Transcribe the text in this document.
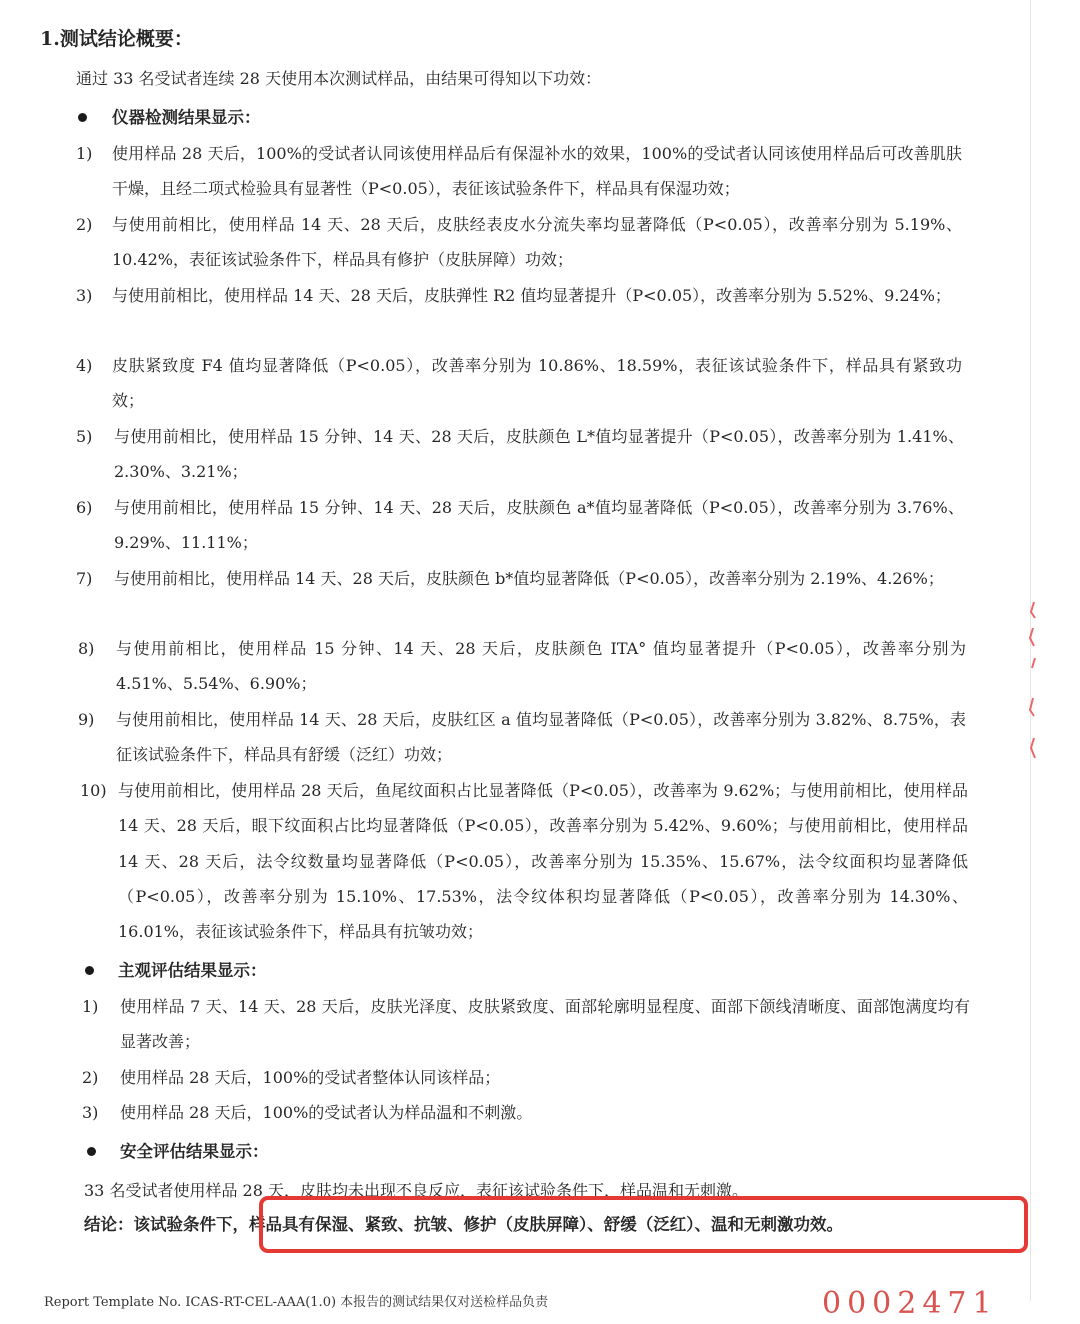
1.测试结论概要：
通过 33 名受试者连续 28 天使用本次测试样品，由结果可得知以下功效：
仪器检测结果显示：
1) 使用样品 28 天后，100%的受试者认同该使用样品后有保湿补水的效果，100%的受试者认同该使用样品后可改善肌肤干燥，且经二项式检验具有显著性（P<0.05），表征该试验条件下，样品具有保湿功效；
2) 与使用前相比，使用样品 14 天、28 天后，皮肤经表皮水分流失率均显著降低（P<0.05），改善率分别为 5.19%、10.42%，表征该试验条件下，样品具有修护（皮肤屏障）功效；
3) 与使用前相比，使用样品 14 天、28 天后，皮肤弹性 R2 值均显著提升（P<0.05），改善率分别为 5.52%、9.24%；
4) 皮肤紧致度 F4 值均显著降低（P<0.05），改善率分别为 10.86%、18.59%，表征该试验条件下，样品具有紧致功效；
5) 与使用前相比，使用样品 15 分钟、14 天、28 天后，皮肤颜色 L*值均显著提升（P<0.05），改善率分别为 1.41%、2.30%、3.21%；
6) 与使用前相比，使用样品 15 分钟、14 天、28 天后，皮肤颜色 a*值均显著降低（P<0.05），改善率分别为 3.76%、9.29%、11.11%；
7) 与使用前相比，使用样品 14 天、28 天后，皮肤颜色 b*值均显著降低（P<0.05），改善率分别为 2.19%、4.26%；
8) 与使用前相比，使用样品 15 分钟、14 天、28 天后，皮肤颜色 ITA° 值均显著提升（P<0.05），改善率分别为 4.51%、5.54%、6.90%；
9) 与使用前相比，使用样品 14 天、28 天后，皮肤红区 a 值均显著降低（P<0.05），改善率分别为 3.82%、8.75%，表征该试验条件下，样品具有舒缓（泛红）功效；
10) 与使用前相比，使用样品 28 天后，鱼尾纹面积占比显著降低（P<0.05），改善率为 9.62%；与使用前相比，使用样品 14 天、28 天后，眼下纹面积占比均显著降低（P<0.05），改善率分别为 5.42%、9.60%；与使用前相比，使用样品 14 天、28 天后，法令纹数量均显著降低（P<0.05），改善率分别为 15.35%、15.67%，法令纹面积均显著降低（P<0.05），改善率分别为 15.10%、17.53%，法令纹体积均显著降低（P<0.05），改善率分别为 14.30%、16.01%，表征该试验条件下，样品具有抗皱功效；
主观评估结果显示：
1) 使用样品 7 天、14 天、28 天后，皮肤光泽度、皮肤紧致度、面部轮廓明显程度、面部下颌线清晰度、面部饱满度均有显著改善；
2) 使用样品 28 天后，100%的受试者整体认同该样品；
3) 使用样品 28 天后，100%的受试者认为样品温和不刺激。
安全评估结果显示：
33 名受试者使用样品 28 天，皮肤均未出现不良反应，表征该试验条件下，样品温和无刺激。
结论：该试验条件下，样品具有保湿、紧致、抗皱、修护（皮肤屏障）、舒缓（泛红）、温和无刺激功效。
Report Template No. ICAS-RT-CEL-AAA(1.0) 本报告的测试结果仅对送检样品负责	0002471
